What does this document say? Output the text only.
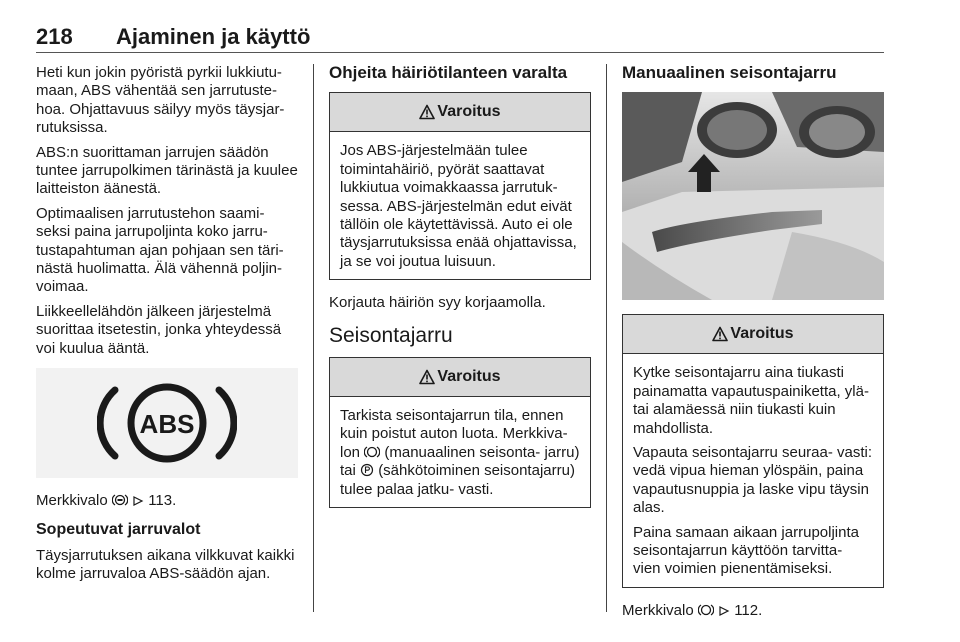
218 Ajaminen ja käyttö

Heti kun jokin pyöristä pyrkii lukkiutu- maan, ABS vähentää sen jarrutuste- hoa. Ohjattavuus säilyy myös täysjar- rutuksissa.

ABS:n suorittaman jarrujen säädön tuntee jarrupolkimen tärinästä ja kuulee laitteiston äänestä.

Optimaalisen jarrutustehon saami- seksi paina jarrupoljinta koko jarru- tustapahtuman ajan pohjaan sen täri- nästä huolimatta. Älä vähennä poljin- voimaa.

Liikkeellelähdön jälkeen järjestelmä suorittaa itsetestin, jonka yhteydessä voi kuulua ääntä.

ABS

Merkkivalo	113.

Sopeutuvat jarruvalot

Täysjarrutuksen aikana vilkkuvat kaikki kolme jarruvaloa ABS-säädön ajan.

Ohjeita häiriötilanteen varalta
Varoitus
Jos ABS-järjestelmään tulee toimintahäiriö, pyörät saattavat lukkiutua voimakkaassa jarrutuk- sessa. ABS-järjestelmän edut eivät tällöin ole käytettävissä. Auto ei ole täysjarrutuksissa enää ohjattavissa, ja se voi joutua luisuun.

Korjauta häiriön syy korjaamolla.

Seisontajarru
Varoitus
Tarkista seisontajarrun tila, ennen kuin poistut auton luota. Merkkiva- lon (manuaalinen seisonta- jarru) tai (sähkötoiminen seisontajarru) tulee palaa jatku- vasti.
Manuaalinen seisontajarru
Varoitus

Kytke seisontajarru aina tiukasti painamatta vapautuspainiketta, ylä- tai alamäessä niin tiukasti kuin mahdollista.

Vapauta seisontajarru seuraa- vasti: vedä vipua hieman ylöspäin, paina vapautusnuppia ja laske vipu täysin alas.

Paina samaan aikaan jarrupoljinta seisontajarrun käyttöön tarvitta- vien voimien pienentämiseksi.

Merkkivalo	112.
